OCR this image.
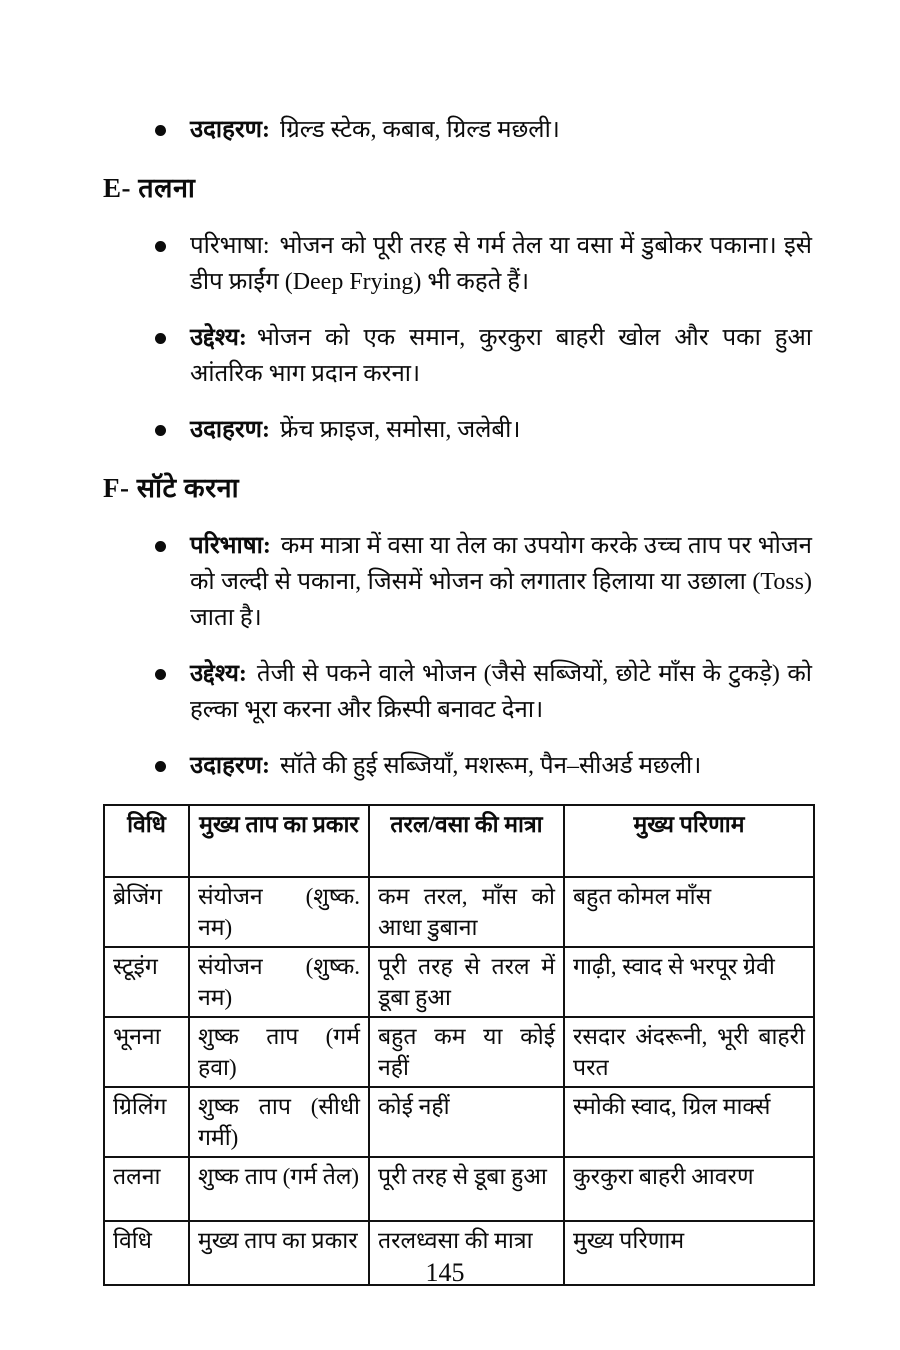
उदाहरण: ग्रिल्ड स्टेक, कबाब, ग्रिल्ड मछली।

E- तलना

परिभाषा: भोजन को पूरी तरह से गर्म तेल या वसा में डुबोकर पकाना। इसे डीप फ्राईंग (Deep Frying) भी कहते हैं।

उद्देश्य: भोजन को एक समान, कुरकुरा बाहरी खोल और पका हुआ आंतरिक भाग प्रदान करना।

उदाहरण: फ्रेंच फ्राइज, समोसा, जलेबी।

F- सॉटे करना

परिभाषा: कम मात्रा में वसा या तेल का उपयोग करके उच्च ताप पर भोजन को जल्दी से पकाना, जिसमें भोजन को लगातार हिलाया या उछाला (Toss) जाता है।

उद्देश्य: तेजी से पकने वाले भोजन (जैसे सब्जियों, छोटे माँस के टुकड़े) को हल्का भूरा करना और क्रिस्पी बनावट देना।

उदाहरण: सॉते की हुई सब्जियाँ, मशरूम, पैन–सीअर्ड मछली।

विधि	मुख्य ताप का प्रकार	तरल/वसा की मात्रा	मुख्य परिणाम
ब्रेजिंग	संयोजन (शुष्क. नम)	कम तरल, माँस को आधा डुबाना	बहुत कोमल माँस
स्टूइंग	संयोजन (शुष्क. नम)	पूरी तरह से तरल में डूबा हुआ	गाढ़ी, स्वाद से भरपूर ग्रेवी
भूनना	शुष्क ताप (गर्म हवा)	बहुत कम या कोई नहीं	रसदार अंदरूनी, भूरी बाहरी परत
ग्रिलिंग	शुष्क ताप (सीधी गर्मी)	कोई नहीं	स्मोकी स्वाद, ग्रिल मार्क्स
तलना	शुष्क ताप (गर्म तेल)	पूरी तरह से डूबा हुआ	कुरकुरा बाहरी आवरण
विधि	मुख्य ताप का प्रकार	तरलध्वसा की मात्रा	मुख्य परिणाम
145
